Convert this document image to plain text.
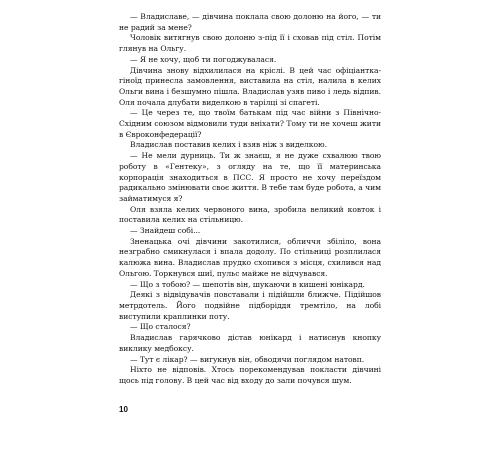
— Владиславе, — дівчина поклала свою долоню на його, — ти не радий за мене?

Чоловік витягнув свою долоню з-під її і сховав під стіл. Потім глянув на Ольгу.

— Я не хочу, щоб ти погоджувалася.

Дівчина знову відхилилася на кріслі. В цей час офіціантка-гіноїд принесла замовлення, виставила на стіл, налила в келих Ольги вина і безшумно пішла. Владислав узяв пиво і ледь відпив. Оля почала длубати виделкою в тарілці зі спагеті.

— Це через те, що твоїм батькам під час війни з Північно-Східним союзом відмовили туди вніхати? Тому ти не хочеш жити в Євроконфедерації?

Владислав поставив келих і взяв ніж з виделкою.

— Не мели дурниць. Ти ж знаєш, я не дуже схвалюю твою роботу в «Гентеку», з огляду на те, що її материнська корпорація знаходиться в ПСС. Я просто не хочу переїздом радикально змінювати своє життя. В тебе там буде робота, а чим займатимуся я?

Оля взяла келих червоного вина, зробила великий ковток і поставила келих на стільницю.

— Знайдеш собі...

Зненацька очі дівчини закотилися, обличчя збіліло, вона незграбно смикнулася і впала додолу. По стільниці розплилася калюжа вина. Владислав прудко схопився з місця, схилився над Ольгою. Торкнувся шиї, пульс майже не відчувався.

— Що з тобою? — шепотів він, шукаючи в кишені юнікард.

Деякі з відвідувачів повставали і підійшли ближче. Підійшов метрдотель. Його подвійне підборіддя тремтіло, на лобі виступили краплинки поту.

— Що сталося?

Владислав гарячково дістав юнікард і натиснув кнопку виклику медбоксу.

— Тут є лікар? — вигукнув він, обводячи поглядом натовп.

Ніхто не відповів. Хтось порекомендував покласти дівчині щось під голову. В цей час від входу до зали почувся шум.

10
